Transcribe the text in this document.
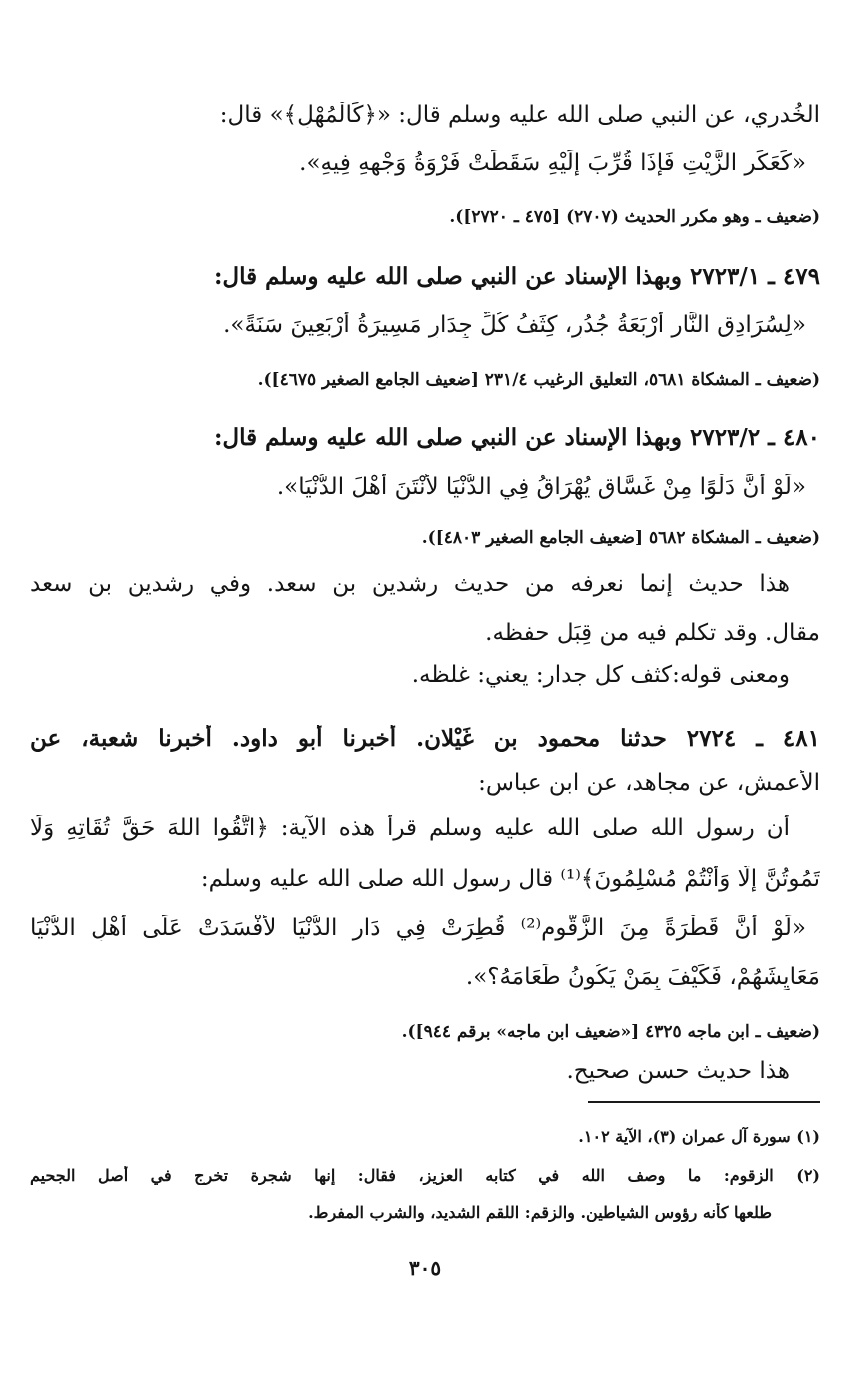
الخُدري، عن النبي صلى الله عليه وسلم قال: «﴿كَالْمُهْلِ﴾» قال:
«كَعَكَرِ الزَّيْتِ فَإِذَا قُرِّبَ إِلَيْهِ سَقَطَتْ فَرْوَةُ وَجْهِهِ فِيهِ».
(ضعيف ـ وهو مكرر الحديث (٢٧٠٧) [٤٧٥ ـ ٢٧٢٠]).
٤٧٩ ـ ٢٧٢٣/١ وبهذا الإسناد عن النبي صلى الله عليه وسلم قال:
«لِسُرَادِقِ النَّارِ أَرْبَعَةُ جُدُرٍ، كِثَفُ كُلِّ جِدَارٍ مَسِيرَةُ أَرْبَعِينَ سَنَةً».
(ضعيف ـ المشكاة ٥٦٨١، التعليق الرغيب ٢٣١/٤ [ضعيف الجامع الصغير ٤٦٧٥]).
٤٨٠ ـ ٢٧٢٣/٢ وبهذا الإسناد عن النبي صلى الله عليه وسلم قال:
«لَوْ أَنَّ دَلْوًا مِنْ غَسَّاقٍ يُهْرَاقُ فِي الدُّنْيَا لأَنْتَنَ أَهْلَ الدُّنْيَا».
(ضعيف ـ المشكاة ٥٦٨٢ [ضعيف الجامع الصغير ٤٨٠٣]).
هذا حديث إنما نعرفه من حديث رِشدين بن سعد. وفي رِشدين بن سعد
مقال. وقد تكلم فيه من قِبَل حفظه.
ومعنى قوله:كثف كل جدار: يعني: غلظه.
٤٨١ ـ ٢٧٢٤ حدثنا محمود بن غَيْلان. أخبرنا أبو داود. أخبرنا شعبة، عن
الأعمش، عن مجاهد، عن ابن عباس:
أن رسول الله صلى الله عليه وسلم قرأ هذه الآية: ﴿اتَّقُوا اللهَ حَقَّ تُقَاتِهِ وَلَا
تَمُوتُنَّ إِلَّا وَأَنْتُمْ مُسْلِمُونَ﴾⁽¹⁾ قال رسول الله صلى الله عليه وسلم:
«لَوْ أَنَّ قَطْرَةً مِنَ الزَّقُّومِ⁽²⁾ قُطِرَتْ فِي دَارِ الدُّنْيَا لأَفْسَدَتْ عَلَى أَهْلِ الدُّنْيَا
مَعَايِشَهُمْ، فَكَيْفَ بِمَنْ يَكُونُ طَعَامَهُ؟».
(ضعيف ـ ابن ماجه ٤٣٢٥ [«ضعيف ابن ماجه» برقم ٩٤٤]).
هذا حديث حسن صحيح.
(١) سورة آل عمران (٣)، الآية ١٠٢.
(٢) الزقوم: ما وصف الله في كتابه العزيز، فقال: إنها شجرة تخرج في أصل الجحيم
طلعها كأنه رؤوس الشياطين. والزقم: اللقم الشديد، والشرب المفرط.
٣٠٥
